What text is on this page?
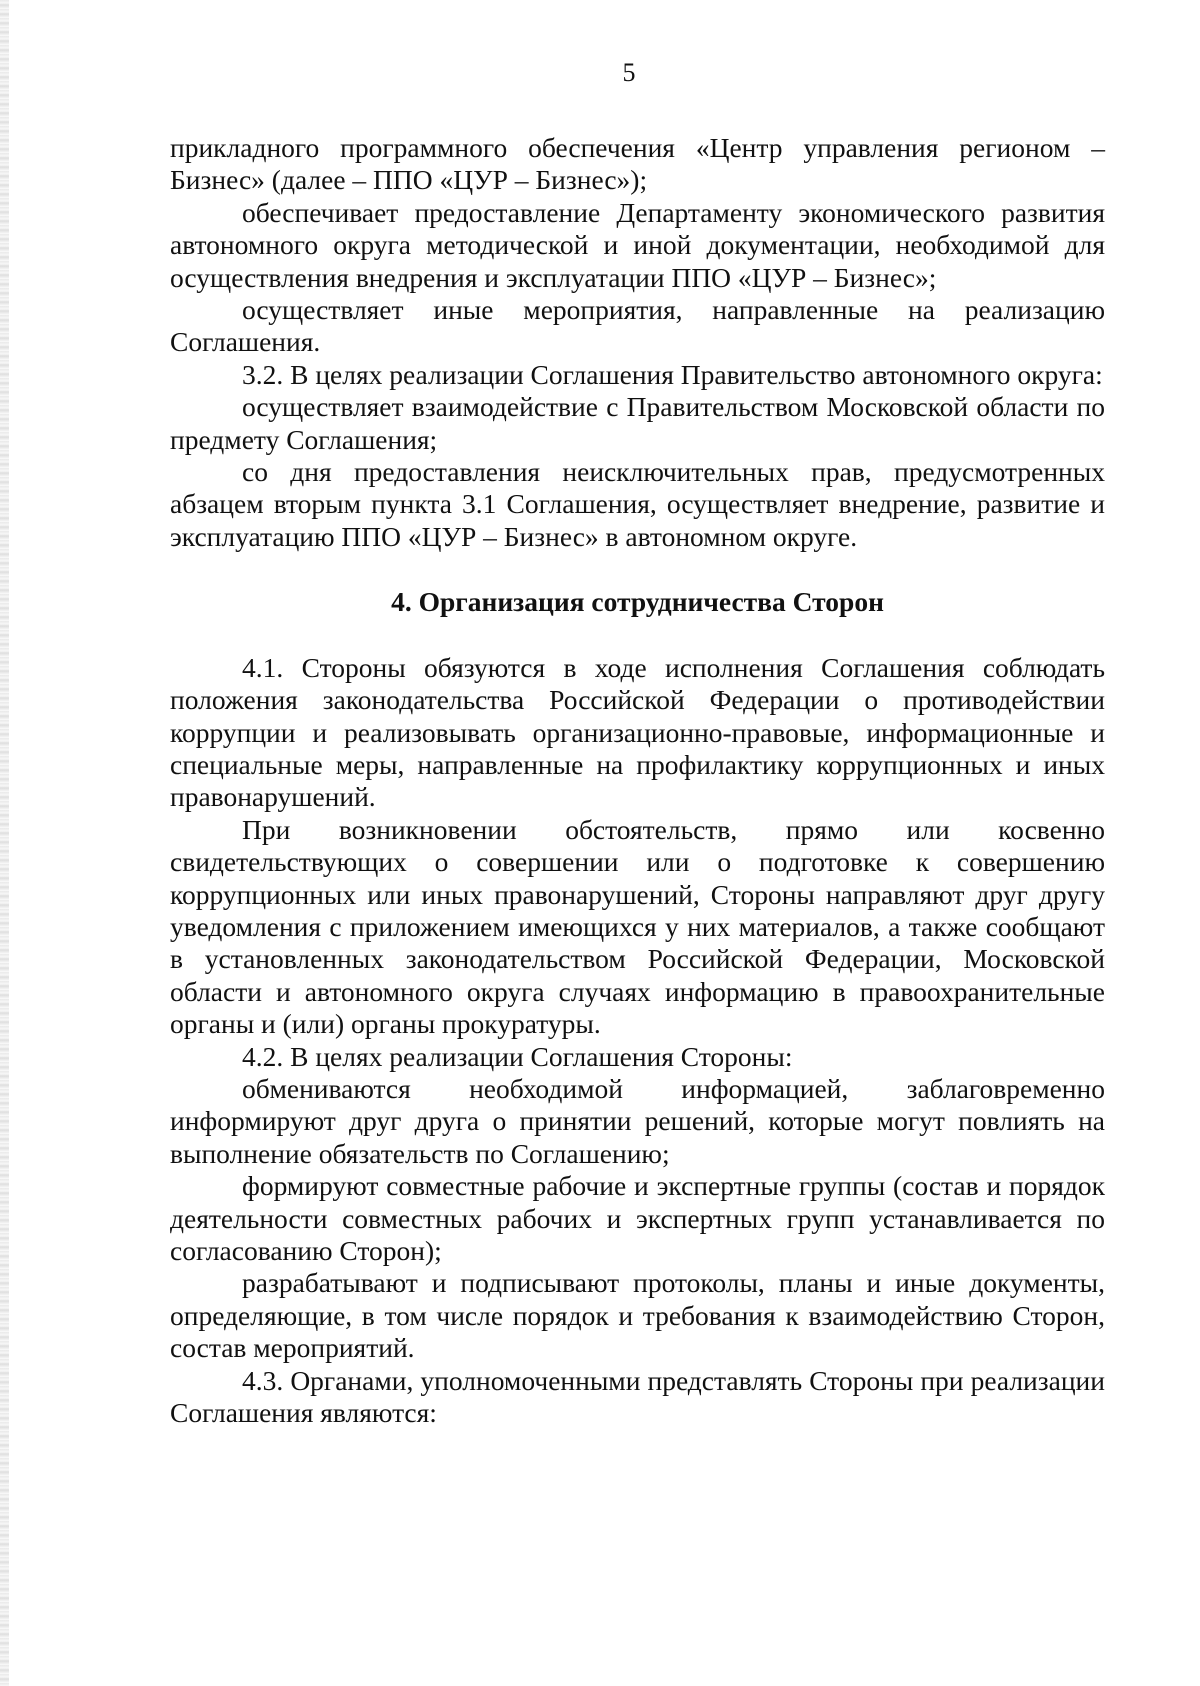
5

прикладного программного обеспечения «Центр управления регионом – Бизнес» (далее – ППО «ЦУР – Бизнес»);

обеспечивает предоставление Департаменту экономического развития автономного округа методической и иной документации, необходимой для осуществления внедрения и эксплуатации ППО «ЦУР – Бизнес»;

осуществляет иные мероприятия, направленные на реализацию Соглашения.

3.2. В целях реализации Соглашения Правительство автономного округа:

осуществляет взаимодействие с Правительством Московской области по предмету Соглашения;

со дня предоставления неисключительных прав, предусмотренных абзацем вторым пункта 3.1 Соглашения, осуществляет внедрение, развитие и эксплуатацию ППО «ЦУР – Бизнес» в автономном округе.

4. Организация сотрудничества Сторон

4.1. Стороны обязуются в ходе исполнения Соглашения соблюдать положения законодательства Российской Федерации о противодействии коррупции и реализовывать организационно-правовые, информационные и специальные меры, направленные на профилактику коррупционных и иных правонарушений.

При возникновении обстоятельств, прямо или косвенно свидетельствующих о совершении или о подготовке к совершению коррупционных или иных правонарушений, Стороны направляют друг другу уведомления с приложением имеющихся у них материалов, а также сообщают в установленных законодательством Российской Федерации, Московской области и автономного округа случаях информацию в правоохранительные органы и (или) органы прокуратуры.

4.2. В целях реализации Соглашения Стороны:

обмениваются необходимой информацией, заблаговременно информируют друг друга о принятии решений, которые могут повлиять на выполнение обязательств по Соглашению;

формируют совместные рабочие и экспертные группы (состав и порядок деятельности совместных рабочих и экспертных групп устанавливается по согласованию Сторон);

разрабатывают и подписывают протоколы, планы и иные документы, определяющие, в том числе порядок и требования к взаимодействию Сторон, состав мероприятий.

4.3. Органами, уполномоченными представлять Стороны при реализации Соглашения являются:
